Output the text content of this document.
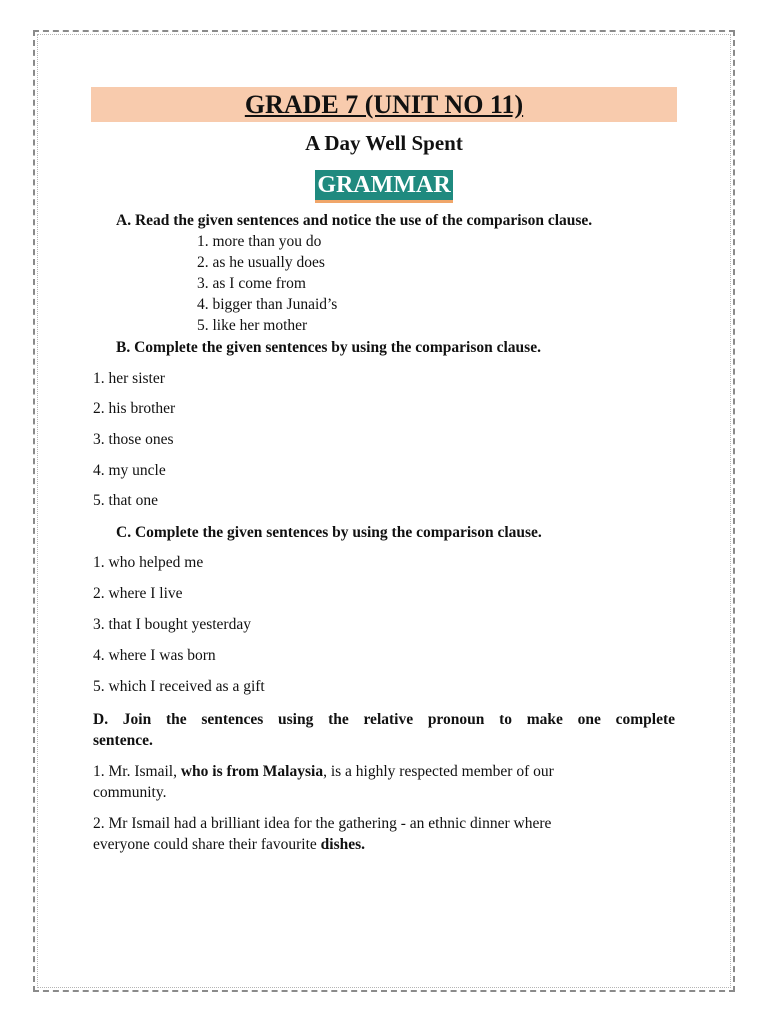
GRADE 7 (UNIT NO 11)
A Day Well Spent
GRAMMAR
A. Read the given sentences and notice the use of the comparison clause.
1. more than you do
2. as he usually does
3. as I come from
4. bigger than Junaid’s
5. like her mother
B. Complete the given sentences by using the comparison clause.
1. her sister
2. his brother
3. those ones
4. my uncle
5. that one
C. Complete the given sentences by using the comparison clause.
1. who helped me
2. where I live
3. that I bought yesterday
4. where I was born
5. which I received as a gift
D. Join the sentences using the relative pronoun to make one complete
sentence.
1. Mr. Ismail, who is from Malaysia, is a highly respected member of our
community.
2. Mr Ismail had a brilliant idea for the gathering - an ethnic dinner where
everyone could share their favourite dishes.
